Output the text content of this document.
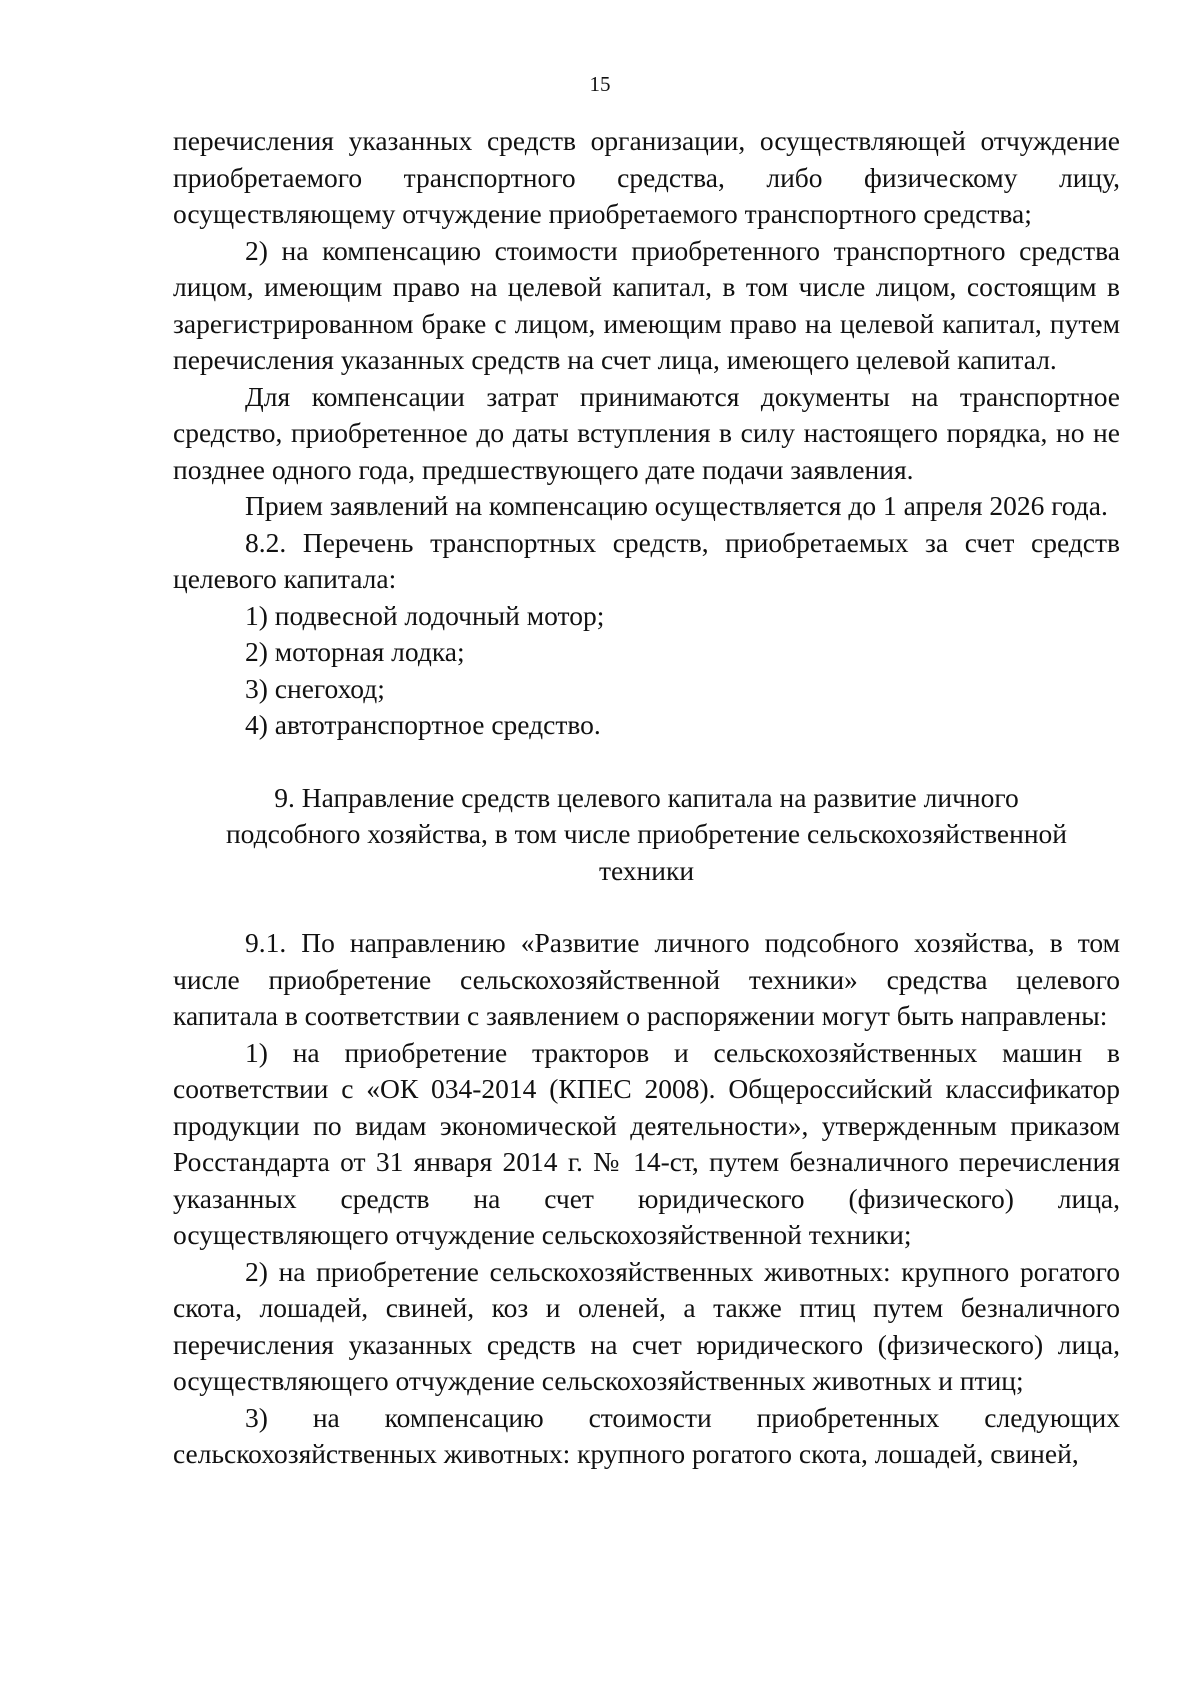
15

перечисления указанных средств организации, осуществляющей отчуждение приобретаемого транспортного средства, либо физическому лицу, осуществляющему отчуждение приобретаемого транспортного средства;

2) на компенсацию стоимости приобретенного транспортного средства лицом, имеющим право на целевой капитал, в том числе лицом, состоящим в зарегистрированном браке с лицом, имеющим право на целевой капитал, путем перечисления указанных средств на счет лица, имеющего целевой капитал.

Для компенсации затрат принимаются документы на транспортное средство, приобретенное до даты вступления в силу настоящего порядка, но не позднее одного года, предшествующего дате подачи заявления.

Прием заявлений на компенсацию осуществляется до 1 апреля 2026 года.

8.2. Перечень транспортных средств, приобретаемых за счет средств целевого капитала:

1) подвесной лодочный мотор;

2) моторная лодка;

3) снегоход;

4) автотранспортное средство.

9. Направление средств целевого капитала на развитие личного
подсобного хозяйства, в том числе приобретение сельскохозяйственной
техники

9.1. По направлению «Развитие личного подсобного хозяйства, в том числе приобретение сельскохозяйственной техники» средства целевого капитала в соответствии с заявлением о распоряжении могут быть направлены:

1) на приобретение тракторов и сельскохозяйственных машин в соответствии с «ОК 034-2014 (КПЕС 2008). Общероссийский классификатор продукции по видам экономической деятельности», утвержденным приказом Росстандарта от 31 января 2014 г. № 14-ст, путем безналичного перечисления указанных средств на счет юридического (физического) лица, осуществляющего отчуждение сельскохозяйственной техники;

2) на приобретение сельскохозяйственных животных: крупного рогатого скота, лошадей, свиней, коз и оленей, а также птиц путем безналичного перечисления указанных средств на счет юридического (физического) лица, осуществляющего отчуждение сельскохозяйственных животных и птиц;

3) на компенсацию стоимости приобретенных следующих сельскохозяйственных животных: крупного рогатого скота, лошадей, свиней,
